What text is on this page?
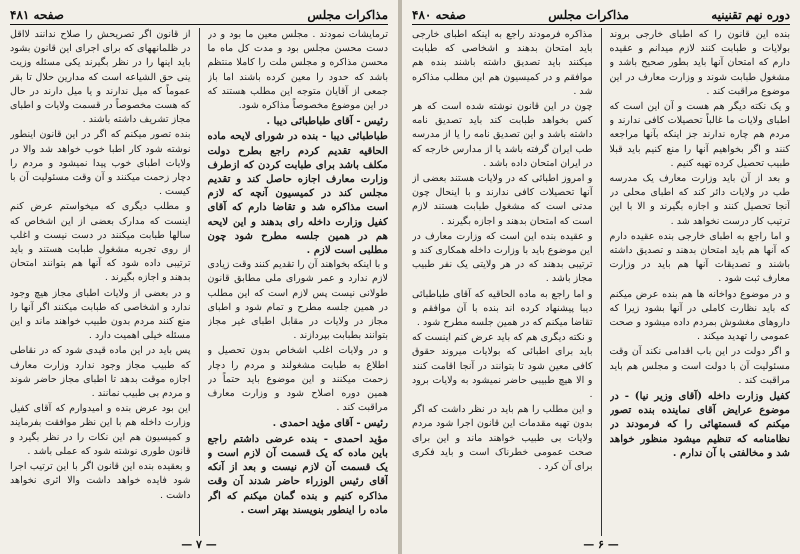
مذاکرات مجلس
صفحه ۴۸۱

ترمایشات نمودند . مجلس معین ما بود و در دست محسن مجلس بود و مدت کل ماه ما محسن مذاکره و مجلس ملت را کاملا منتظم باشد که حدود را معین کرده باشند اما باز جمعی از آقایان متوجه این مطلب هستند که در این موضوع مخصوصاً مذاکره شود.

رئیس - آقای طباطبائی دیبا .

طباطبائی دیبا - بنده در شورای لایحه ماده الحاقیه تقدیم کردم راجع بطرح دولت مکلف باشد برای طبابت کردن که ازطرف وزارت معارف اجازه حاصل کند و تقدیم مجلس کند در کمیسیون آنچه که لازم است مذاکره شد و تقاضا دارم که آقای کفیل وزارت داخله رای بدهند و این لایحه هم در همین جلسه مطرح شود چون مطلبی است لازم .

و با اینکه بخواهند آن را تقدیم کنند وقت زیادی لازم ندارد و عمر شورای ملی مطابق قانون طولانی نیست پس لازم است که این مطلب در همین جلسه مطرح و تمام شود و اطبای مجاز در ولایات در مقابل اطبای غیر مجاز بتوانند بطبابت بپردازند .

و در ولایات اغلب اشخاص بدون تحصیل و اطلاع به طبابت مشغولند و مردم را دچار زحمت میکنند و این موضوع باید حتماً در همین دوره اصلاح شود و وزارت معارف مراقبت کند .

رئیس - آقای مؤید احمدی .

مؤید احمدی - بنده عرضی داشتم راجع باین ماده که یک قسمت آن لازم است و یک قسمت آن لازم نیست و بعد از آنکه آقای رئیس الوزراء حاضر شدند آن وقت مذاکره کنیم و بنده گمان میکنم که اگر ماده را اینطور بنویسند بهتر است .

از قانون اگر تصریحش را صلاح ندانند لااقل در ظلمانههای که برای اجرای این قانون بشود باید اینها را در نظر بگیرند یکی مسئله وزیت ینی حق الشیاعه است که مدارین حلال تا بقر عموماً که میل ندارند و یا میل دارند در حال که هست مخصوصاً در قسمت ولایات و اطبای مجاز تشریف داشته باشند .

بنده تصور میکنم که اگر در این قانون اینطور نوشته شود کار اطبا خوب خواهد شد والا در ولایات اطبای خوب پیدا نمیشود و مردم را دچار زحمت میکنند و آن وقت مسئولیت آن با کیست .

و مطلب دیگری که میخواستم عرض کنم اینست که مدارک بعضی از این اشخاص که سالها طبابت میکنند در دست نیست و اغلب از روی تجربه مشغول طبابت هستند و باید ترتیبی داده شود که آنها هم بتوانند امتحان بدهند و اجازه بگیرند .

و در بعضی از ولایات اطبای مجاز هیچ وجود ندارد و اشخاصی که طبابت میکنند اگر آنها را منع کنند مردم بدون طبیب خواهند ماند و این مسئله خیلی اهمیت دارد .

پس باید در این ماده قیدی شود که در نقاطی که طبیب مجاز وجود ندارد وزارت معارف اجازه موقت بدهد تا اطبای مجاز حاضر شوند و مردم بی طبیب نمانند .

این بود عرض بنده و امیدوارم که آقای کفیل وزارت داخله هم با این نظر موافقت بفرمایند و کمیسیون هم این نکات را در نظر بگیرد و قانون طوری نوشته شود که عملی باشد .

و بعقیده بنده این قانون اگر با این ترتیب اجرا شود فایده خواهد داشت والا اثری نخواهد داشت .

— ۷ —
دوره نهم تقنینیه
مذاکرات مجلس
صفحه ۴۸۰

بنده این قانون را که اطبای خارجی بروند بولایات و طبابت کنند لازم میدانم و عقیده دارم که امتحان آنها باید بطور صحیح باشد و مشغول طبابت شوند و وزارت معارف در این موضوع مراقبت کند .

و یک نکته دیگر هم هست و آن این است که اطبای ولایات ما غالباً تحصیلات کافی ندارند و مردم هم چاره ندارند جز اینکه بآنها مراجعه کنند و اگر بخواهیم آنها را منع کنیم باید قبلا طبیب تحصیل کرده تهیه کنیم .

و بعد از آن باید وزارت معارف یک مدرسه طب در ولایات دائر کند که اطبای محلی در آنجا تحصیل کنند و اجازه بگیرند و الا با این ترتیب کار درست نخواهد شد .

و اما راجع به اطبای خارجی بنده عقیده دارم که آنها هم باید امتحان بدهند و تصدیق داشته باشند و تصدیقات آنها هم باید در وزارت معارف ثبت شود .

و در موضوع دواخانه ها هم بنده عرض میکنم که باید نظارت کاملی در آنها بشود زیرا که داروهای مغشوش بمردم داده میشود و صحت عمومی را تهدید میکند .

و اگر دولت در این باب اقدامی نکند آن وقت مسئولیت آن با دولت است و مجلس هم باید مراقبت کند .

کفیل وزارت داخله (آقای وزیر نیا) - در موضوع عرایض آقای نماینده بنده تصور میکنم که قسمتهائی را که فرمودند در نظامنامه که تنظیم میشود منظور خواهد شد و مخالفتی با آن ندارم .

مذاکره فرمودند راجع به اینکه اطبای خارجی باید امتحان بدهند و اشخاصی که طبابت میکنند باید تصدیق داشته باشند بنده هم موافقم و در کمیسیون هم این مطلب مذاکره شد .

چون در این قانون نوشته شده است که هر کس بخواهد طبابت کند باید تصدیق نامه داشته باشد و این تصدیق نامه را یا از مدرسه طب ایران گرفته باشد یا از مدارس خارجه که در ایران امتحان داده باشد .

و امروز اطبائی که در ولایات هستند بعضی از آنها تحصیلات کافی ندارند و با اینحال چون مدتی است که مشغول طبابت هستند لازم است که امتحان بدهند و اجازه بگیرند .

و عقیده بنده این است که وزارت معارف در این موضوع باید با وزارت داخله همکاری کند و ترتیبی بدهند که در هر ولایتی یک نفر طبیب مجاز باشد .

و اما راجع به ماده الحاقیه که آقای طباطبائی دیبا پیشنهاد کرده اند بنده با آن موافقم و تقاضا میکنم که در همین جلسه مطرح شود .

و نکته دیگری هم که باید عرض کنم اینست که باید برای اطبائی که بولایات میروند حقوق کافی معین شود تا بتوانند در آنجا اقامت کنند و الا هیچ طبیبی حاضر نمیشود به ولایات برود .

و این مطلب را هم باید در نظر داشت که اگر بدون تهیه مقدمات این قانون اجرا شود مردم ولایات بی طبیب خواهند ماند و این برای صحت عمومی خطرناک است و باید فکری برای آن کرد .

— ۶ —
